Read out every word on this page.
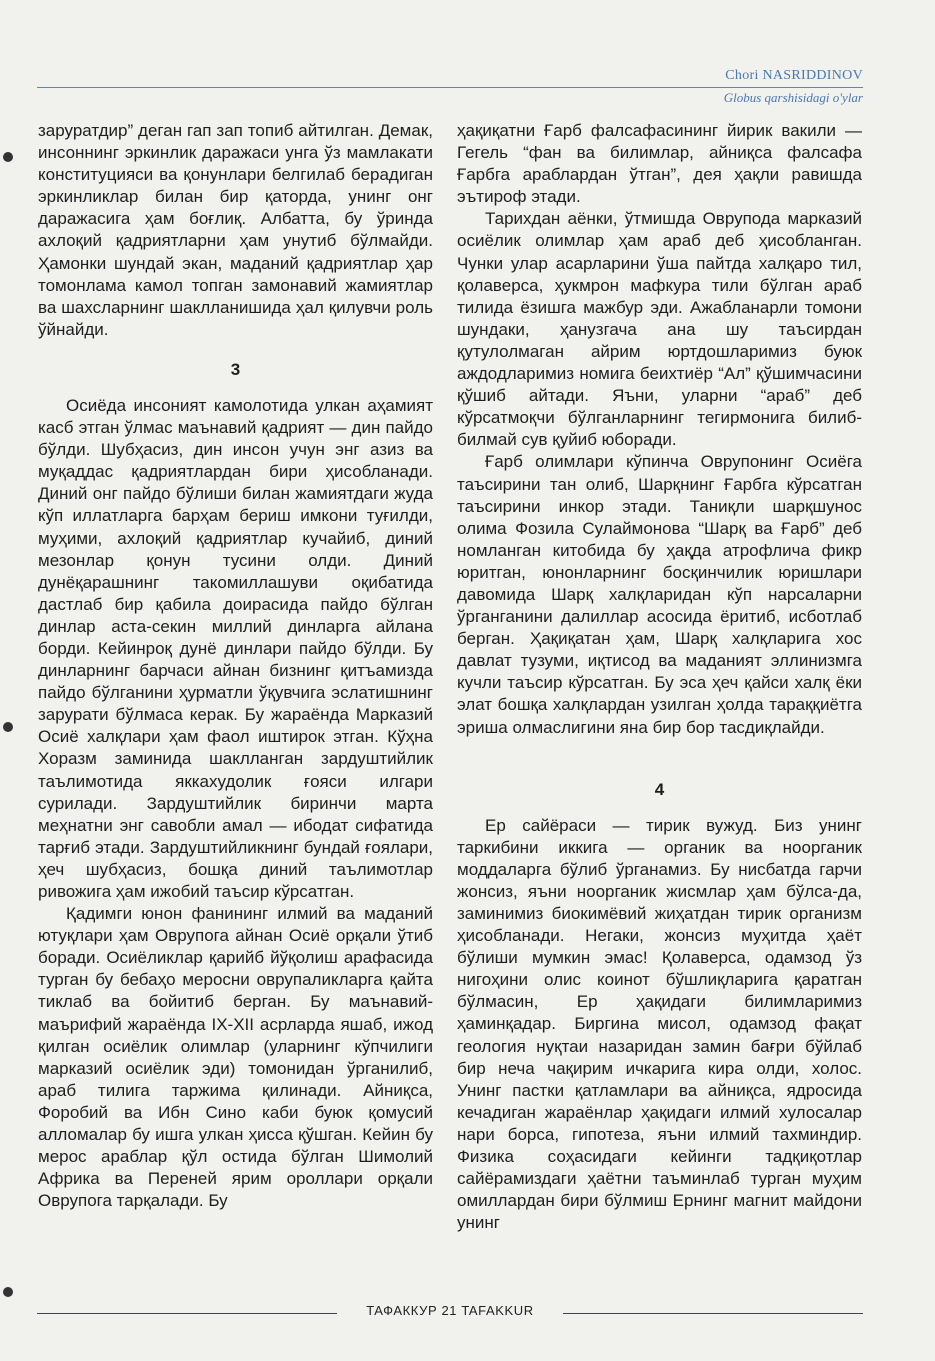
Chori NASRIDDINOV
Globus qarshisidagi o'ylar

заруратдир” деган гап зап топиб айтилган. Демак, инсоннинг эркинлик даражаси унга ўз мамлакати конституцияси ва қонунлари белгилаб берадиган эркинликлар билан бир қаторда, унинг онг даражасига ҳам боғлиқ. Албатта, бу ўринда ахлоқий қадриятларни ҳам унутиб бўлмайди. Ҳамонки шундай экан, маданий қадриятлар ҳар томонлама камол топган замонавий жамиятлар ва шахсларнинг шаклланишида ҳал қилувчи роль ўйнайди.

3

Осиёда инсоният камолотида улкан аҳамият касб этган ўлмас маънавий қадрият — дин пайдо бўлди. Шубҳасиз, дин инсон учун энг азиз ва муқаддас қадриятлардан бири ҳисобланади. Диний онг пайдо бўлиши билан жамиятдаги жуда кўп иллатларга барҳам бериш имкони туғилди, муҳими, ахлоқий қадриятлар кучайиб, диний мезонлар қонун тусини олди. Диний дунёқарашнинг такомиллашуви оқибатида дастлаб бир қабила доирасида пайдо бўлган динлар аста-секин миллий динларга айлана борди. Кейинроқ дунё динлари пайдо бўлди. Бу динларнинг барчаси айнан бизнинг қитъамизда пайдо бўлганини ҳурматли ўқувчига эслатишнинг зарурати бўлмаса керак. Бу жараёнда Марказий Осиё халқлари ҳам фаол иштирок этган. Кўҳна Хоразм заминида шаклланган зардуштийлик таълимотида яккахудолик ғояси илгари сурилади. Зардуштийлик биринчи марта меҳнатни энг савобли амал — ибодат сифатида тарғиб этади. Зардуштийликнинг бундай ғоялари, ҳеч шубҳасиз, бошқа диний таълимотлар ривожига ҳам ижобий таъсир кўрсатган.

Қадимги юнон фанининг илмий ва маданий ютуқлари ҳам Оврупога айнан Осиё орқали ўтиб боради. Осиёликлар қарийб йўқолиш арафасида турган бу бебаҳо меросни оврупаликларга қайта тиклаб ва бойитиб берган. Бу маънавий-маърифий жараёнда IX-XII асрларда яшаб, ижод қилган осиёлик олимлар (уларнинг кўпчилиги марказий осиёлик эди) томонидан ўрганилиб, араб тилига таржима қилинади. Айниқса, Форобий ва Ибн Сино каби буюк қомусий алломалар бу ишга улкан ҳисса қўшган. Кейин бу мерос араблар қўл остида бўлган Шимолий Африка ва Перeней ярим ороллари орқали Оврупога тарқалади. Бу

ҳақиқатни Ғарб фалсафасининг йирик вакили — Гегель “фан ва билимлар, айниқса фалсафа Ғарбга араблардан ўтган”, дея ҳақли равишда эътироф этади.

Тарихдан аёнки, ўтмишда Оврупода марказий осиёлик олимлар ҳам араб деб ҳисобланган. Чунки улар асарларини ўша пайтда халқаро тил, қолаверса, ҳукмрон мафкура тили бўлган араб тилида ёзишга мажбур эди. Ажабланарли томони шундаки, ҳанузгача ана шу таъсирдан қутулолмаган айрим юртдошларимиз буюк аждодларимиз номига беихтиёр “Ал” қўшимчасини қўшиб айтади. Яъни, уларни “араб” деб кўрсатмоқчи бўлганларнинг тегирмонига билиб-билмай сув қуйиб юборади.

Ғарб олимлари кўпинча Оврупонинг Осиёга таъсирини тан олиб, Шарқнинг Ғарбга кўрсатган таъсирини инкор этади. Таниқли шарқшунос олима Фозила Сулаймонова “Шарқ ва Ғарб” деб номланган китобида бу ҳақда атрофлича фикр юритган, юнонларнинг босқинчилик юришлари давомида Шарқ халқларидан кўп нарсаларни ўрганганини далиллар асосида ёритиб, исботлаб берган. Ҳақиқатан ҳам, Шарқ халқларига хос давлат тузуми, иқтисод ва маданият эллинизмга кучли таъсир кўрсатган. Бу эса ҳеч қайси халқ ёки элат бошқа халқлардан узилган ҳолда тараққиётга эриша олмаслигини яна бир бор тасдиқлайди.

4

Ер сайёраси — тирик вужуд. Биз унинг таркибини иккига — органик ва ноорганик моддаларга бўлиб ўрганамиз. Бу нисбатда гарчи жонсиз, яъни ноорганик жисмлар ҳам бўлса-да, заминимиз биокимёвий жиҳатдан тирик организм ҳисобланади. Негаки, жонсиз муҳитда ҳаёт бўлиши мумкин эмас! Қолаверса, одамзод ўз нигоҳини олис коинот бўшлиқларига қаратган бўлмасин, Ер ҳақидаги билимларимиз ҳаминқадар. Биргина мисол, одамзод фақат геология нуқтаи назаридан замин бағри бўйлаб бир неча чақирим ичкарига кира олди, холос. Унинг пастки қатламлари ва айниқса, ядросида кечадиган жараёнлар ҳақидаги илмий хулосалар нари борса, гипотеза, яъни илмий тахминдир. Физика соҳасидаги кейинги тадқиқотлар сайёрамиздаги ҳаётни таъминлаб турган муҳим омиллардан бири бўлмиш Ернинг магнит майдони унинг

ТАФАККУР 21 TAFAKKUR
